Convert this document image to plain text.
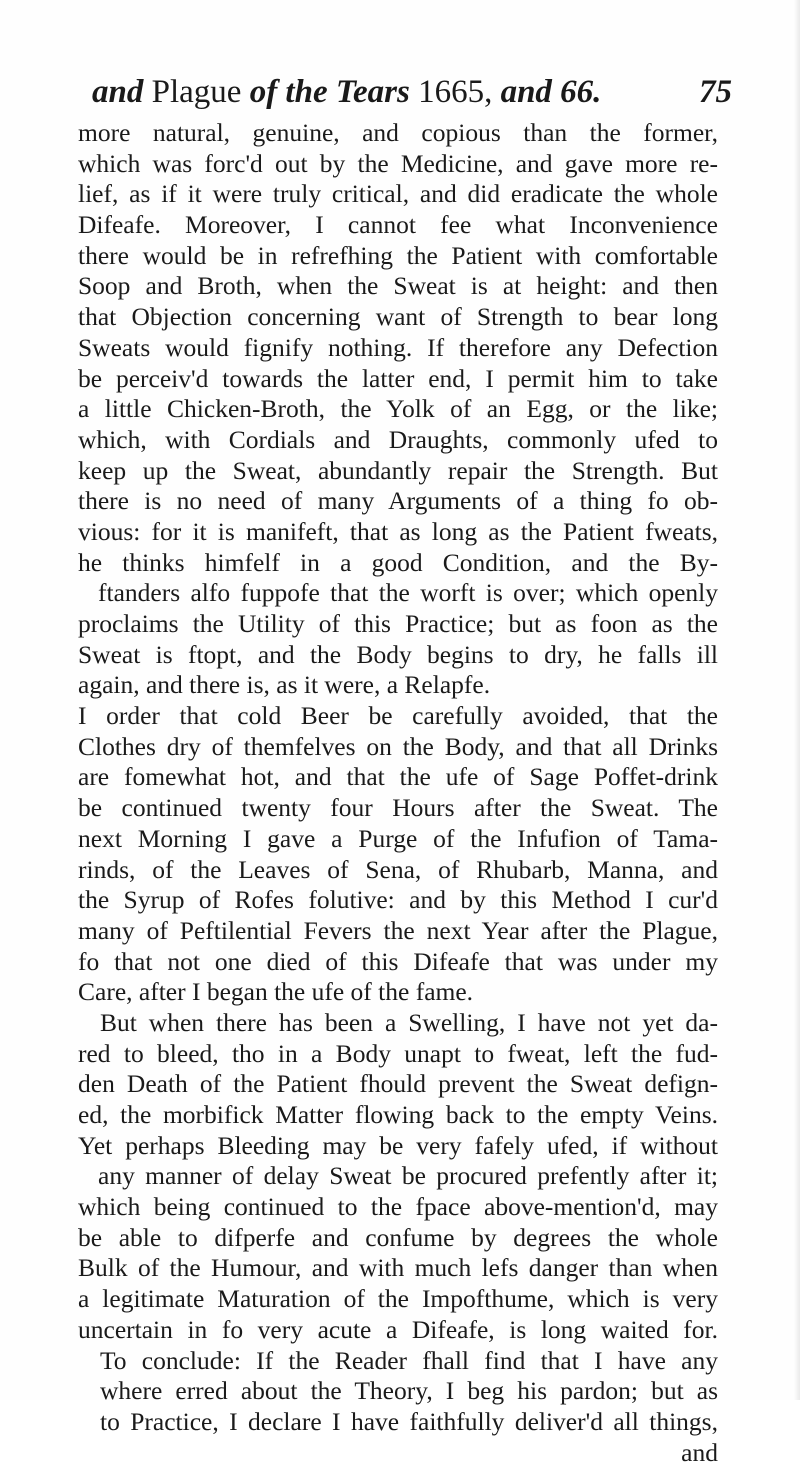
and Plague of the Tears 1665, and 66.	75
more natural, genuine, and copious than the former,
which was forc'd out by the Medicine, and gave more re-
lief, as if it were truly critical, and did eradicate the whole
Difeafe. Moreover, I cannot fee what Inconvenience
there would be in refrefhing the Patient with comfortable
Soop and Broth, when the Sweat is at height: and then
that Objection concerning want of Strength to bear long
Sweats would fignify nothing. If therefore any Defection
be perceiv'd towards the latter end, I permit him to take
a little Chicken-Broth, the Yolk of an Egg, or the like;
which, with Cordials and Draughts, commonly ufed to
keep up the Sweat, abundantly repair the Strength. But
there is no need of many Arguments of a thing fo ob-
vious: for it is manifeft, that as long as the Patient fweats,
he thinks himfelf in a good Condition, and the By-
ftanders alfo fuppofe that the worft is over; which openly
proclaims the Utility of this Practice; but as foon as the
Sweat is ftopt, and the Body begins to dry, he falls ill
again, and there is, as it were, a Relapfe.
I order that cold Beer be carefully avoided, that the
Clothes dry of themfelves on the Body, and that all Drinks
are fomewhat hot, and that the ufe of Sage Poffet-drink
be continued twenty four Hours after the Sweat. The
next Morning I gave a Purge of the Infufion of Tama-
rinds, of the Leaves of Sena, of Rhubarb, Manna, and
the Syrup of Rofes folutive: and by this Method I cur'd
many of Peftilential Fevers the next Year after the Plague,
fo that not one died of this Difeafe that was under my
Care, after I began the ufe of the fame.
But when there has been a Swelling, I have not yet da-
red to bleed, tho in a Body unapt to fweat, left the fud-
den Death of the Patient fhould prevent the Sweat defign-
ed, the morbifick Matter flowing back to the empty Veins.
Yet perhaps Bleeding may be very fafely ufed, if without
any manner of delay Sweat be procured prefently after it;
which being continued to the fpace above-mention'd, may
be able to difperfe and confume by degrees the whole
Bulk of the Humour, and with much lefs danger than when
a legitimate Maturation of the Impofthume, which is very
uncertain in fo very acute a Difeafe, is long waited for.
To conclude: If the Reader fhall find that I have any
where erred about the Theory, I beg his pardon; but as
to Practice, I declare I have faithfully deliver'd all things,
and
